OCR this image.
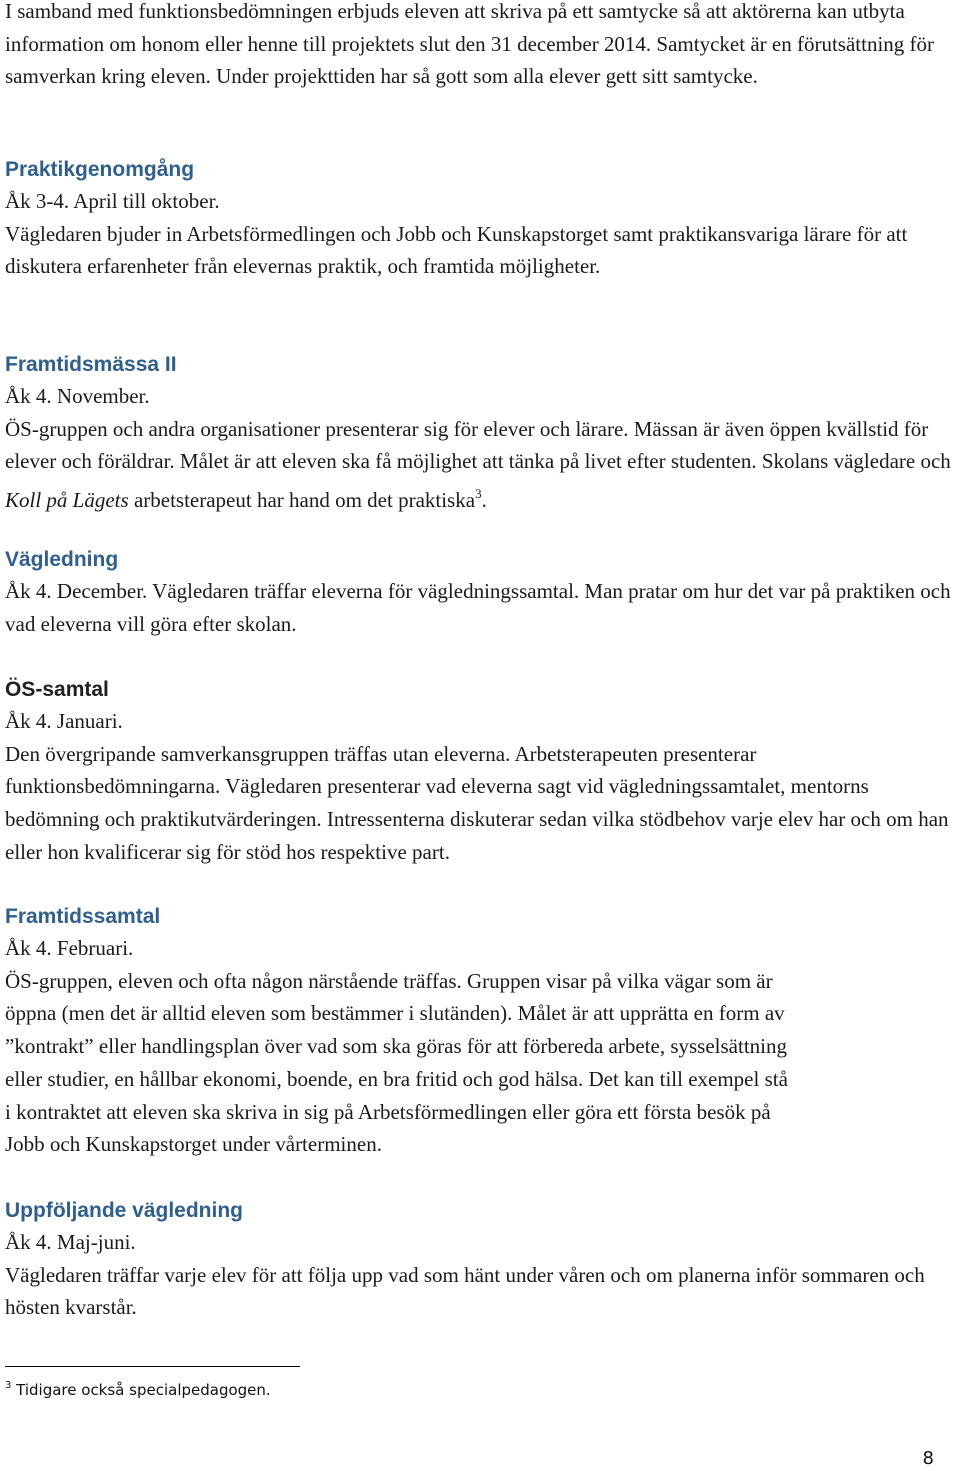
I samband med funktionsbedömningen erbjuds eleven att skriva på ett samtycke så att aktörerna kan utbyta information om honom eller henne till projektets slut den 31 december 2014. Samtycket är en förutsättning för samverkan kring eleven. Under projekttiden har så gott som alla elever gett sitt samtycke.

Praktikgenomgång

Åk 3-4. April till oktober.

Vägledaren bjuder in Arbetsförmedlingen och Jobb och Kunskapstorget samt praktikansvariga lärare för att diskutera erfarenheter från elevernas praktik, och framtida möjligheter.

Framtidsmässa II

Åk 4. November.

ÖS-gruppen och andra organisationer presenterar sig för elever och lärare. Mässan är även öppen kvällstid för elever och föräldrar. Målet är att eleven ska få möjlighet att tänka på livet efter studenten. Skolans vägledare och Koll på Lägets arbetsterapeut har hand om det praktiska$^3$.

Vägledning

Åk 4. December. Vägledaren träffar eleverna för vägledningssamtal. Man pratar om hur det var på praktiken och vad eleverna vill göra efter skolan.

ÖS-samtal

Åk 4. Januari.

Den övergripande samverkansgruppen träffas utan eleverna. Arbetsterapeuten presenterar funktionsbedömningarna. Vägledaren presenterar vad eleverna sagt vid vägledningssamtalet, mentorns bedömning och praktikutvärderingen. Intressenterna diskuterar sedan vilka stödbehov varje elev har och om han eller hon kvalificerar sig för stöd hos respektive part.

Framtidssamtal

Åk 4. Februari.

ÖS-gruppen, eleven och ofta någon närstående träffas. Gruppen visar på vilka vägar som är

öppna (men det är alltid eleven som bestämmer i slutänden). Målet är att upprätta en form av

”kontrakt” eller handlingsplan över vad som ska göras för att förbereda arbete, sysselsättning

eller studier, en hållbar ekonomi, boende, en bra fritid och god hälsa. Det kan till exempel stå

i kontraktet att eleven ska skriva in sig på Arbetsförmedlingen eller göra ett första besök på

Jobb och Kunskapstorget under vårterminen.

Uppföljande vägledning

Åk 4. Maj-juni.

Vägledaren träffar varje elev för att följa upp vad som hänt under våren och om planerna inför sommaren och hösten kvarstår.

$^3$ Tidigare också specialpedagogen.

8
